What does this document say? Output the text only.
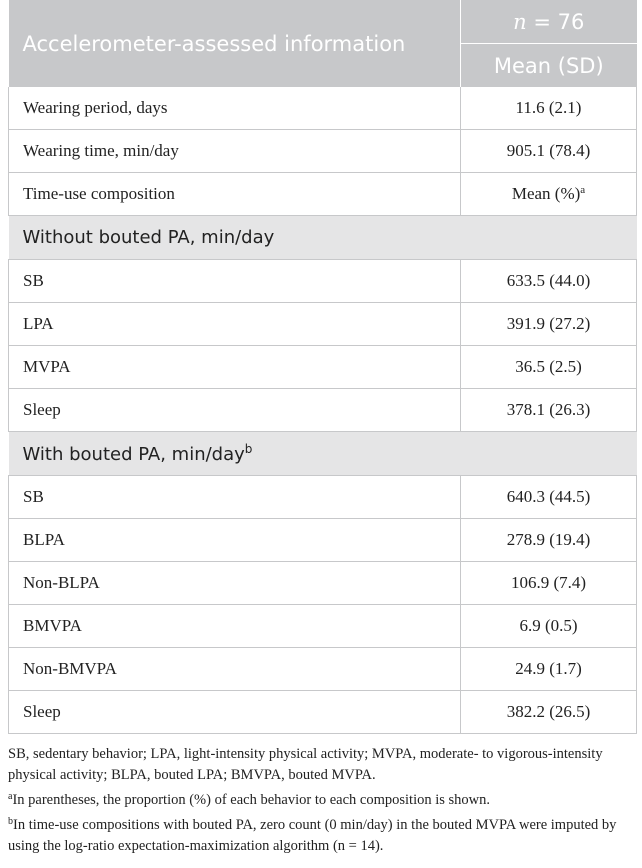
Accelerometer-assessed information	n = 76
	Mean (SD)
Wearing period, days	11.6 (2.1)
Wearing time, min/day	905.1 (78.4)
Time-use composition	Mean (%)$^a$
Without bouted PA, min/day	
SB	633.5 (44.0)
LPA	391.9 (27.2)
MVPA	36.5 (2.5)
Sleep	378.1 (26.3)
With bouted PA, min/day$^b$
SB	640.3 (44.5)
BLPA	278.9 (19.4)
Non-BLPA	106.9 (7.4)
BMVPA	6.9 (0.5)
Non-BMVPA	24.9 (1.7)
Sleep	382.2 (26.5)

SB, sedentary behavior; LPA, light-intensity physical activity; MVPA, moderate- to vigorous-intensity physical activity; BLPA, bouted LPA; BMVPA, bouted MVPA.

$^a$In parentheses, the proportion (%) of each behavior to each composition is shown.

$^b$In time-use compositions with bouted PA, zero count (0 min/day) in the bouted MVPA were imputed by using the log-ratio expectation-maximization algorithm (n = 14).
